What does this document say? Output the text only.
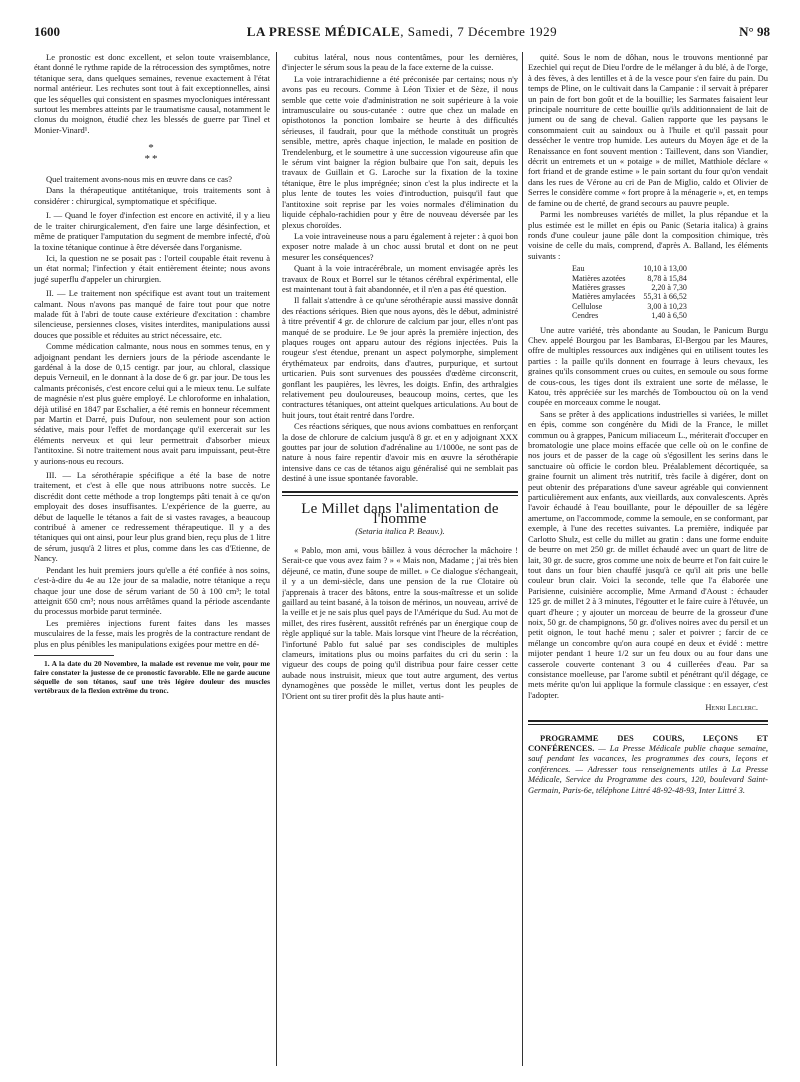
1600	LA PRESSE MÉDICALE, Samedi, 7 Décembre 1929	N° 98

Le pronostic est donc excellent, et selon toute vraisemblance, étant donné le rythme rapide de la rétrocession des symptômes, notre tétanique sera, dans quelques semaines, revenue exactement à l'état normal antérieur. Les rechutes sont tout à fait exceptionnelles, ainsi que les séquelles qui consistent en spasmes myocloniques intéressant surtout les membres atteints par le traumatisme causal, notamment le clonus du moignon, étudié chez les blessés de guerre par Tinel et Monier-Vinard¹.

*
**

Quel traitement avons-nous mis en œuvre dans ce cas?

Dans la thérapeutique antitétanique, trois traitements sont à considérer : chirurgical, symptomatique et spécifique.

I. — Quand le foyer d'infection est encore en activité, il y a lieu de le traiter chirurgicalement, d'en faire une large désinfection, et même de pratiquer l'amputation du segment de membre infecté, d'où la toxine tétanique continue à être déversée dans l'organisme.

Ici, la question ne se posait pas : l'orteil coupable était revenu à un état normal; l'infection y était entièrement éteinte; nous avons jugé superflu d'appeler un chirurgien.

II. — Le traitement non spécifique est avant tout un traitement calmant. Nous n'avons pas manqué de faire tout pour que notre malade fût à l'abri de toute cause extérieure d'excitation : chambre silencieuse, persiennes closes, visites interdites, manipulations aussi douces que possible et réduites au strict nécessaire, etc.

Comme médication calmante, nous nous en sommes tenus, en y adjoignant pendant les derniers jours de la période ascendante le gardénal à la dose de 0,15 centigr. par jour, au chloral, classique depuis Verneuil, en le donnant à la dose de 6 gr. par jour. De tous les calmants préconisés, c'est encore celui qui a le mieux tenu. Le sulfate de magnésie n'est plus guère employé. Le chloroforme en inhalation, déjà utilisé en 1847 par Eschalier, a été remis en honneur récemment par Martin et Darré, puis Dufour, non seulement pour son action sédative, mais pour l'effet de mordançage qu'il exercerait sur les éléments nerveux et qui leur permettrait d'absorber mieux l'antitoxine. Si notre traitement nous avait paru impuissant, peut-être y aurions-nous eu recours.

III. — La sérothérapie spécifique a été la base de notre traitement, et c'est à elle que nous attribuons notre succès. Le discrédit dont cette méthode a trop longtemps pâti tenait à ce qu'on employait des doses insuffisantes. L'expérience de la guerre, au début de laquelle le tétanos a fait de si vastes ravages, a beaucoup contribué à amener ce redressement thérapeutique. Il y a des tétaniques qui ont ainsi, pour leur plus grand bien, reçu plus de 1 litre de sérum, jusqu'à 2 litres et plus, comme dans les cas d'Etienne, de Nancy.

Pendant les huit premiers jours qu'elle a été confiée à nos soins, c'est-à-dire du 4e au 12e jour de sa maladie, notre tétanique a reçu chaque jour une dose de sérum variant de 50 à 100 cm³; le total atteignit 650 cm³; nous nous arrêtâmes quand la période ascendante du processus morbide parut terminée.

Les premières injections furent faites dans les masses musculaires de la fesse, mais les progrès de la contracture rendant de plus en plus pénibles les manipulations exigées pour mettre en dé-

1. A la date du 20 Novembre, la malade est revenue me voir, pour me faire constater la justesse de ce pronostic favorable. Elle ne garde aucune séquelle de son tétanos, sauf une très légère douleur des muscles vertébraux de la flexion extrême du tronc.

cubitus latéral, nous nous contentâmes, pour les dernières, d'injecter le sérum sous la peau de la face externe de la cuisse.

La voie intrarachidienne a été préconisée par certains; nous n'y avons pas eu recours. Comme à Léon Tixier et de Sèze, il nous semble que cette voie d'administration ne soit supérieure à la voie intramusculaire ou sous-cutanée : outre que chez un malade en opisthotonos la ponction lombaire se heurte à des difficultés sérieuses, il faudrait, pour que la méthode constituât un progrès sensible, mettre, après chaque injection, le malade en position de Trendelenburg, et le soumettre à une succession vigoureuse afin que le sérum vint baigner la région bulbaire que l'on sait, depuis les travaux de Guillain et G. Laroche sur la fixation de la toxine tétanique, être le plus imprégnée; sinon c'est la plus indirecte et la plus lente de toutes les voies d'introduction, puisqu'il faut que l'antitoxine soit reprise par les voies normales d'élimination du liquide céphalo-rachidien pour y être de nouveau déversée par les plexus choroïdes.

La voie intraveineuse nous a paru également à rejeter : à quoi bon exposer notre malade à un choc aussi brutal et dont on ne peut mesurer les conséquences?

Quant à la voie intracérébrale, un moment envisagée après les travaux de Roux et Borrel sur le tétanos cérébral expérimental, elle est maintenant tout à fait abandonnée, et il n'en a pas été question.

Il fallait s'attendre à ce qu'une sérothérapie aussi massive donnât des réactions sériques. Bien que nous ayons, dès le début, administré à titre préventif 4 gr. de chlorure de calcium par jour, elles n'ont pas manqué de se produire. Le 9e jour après la première injection, des plaques rouges ont apparu autour des régions injectées. Puis la rougeur s'est étendue, prenant un aspect polymorphe, simplement érythémateux par endroits, dans d'autres, purpurique, et surtout urticarien. Puis sont survenues des poussées d'œdème circonscrit, gonflant les paupières, les lèvres, les doigts. Enfin, des arthralgies relativement peu douloureuses, beaucoup moins, certes, que les contractures tétaniques, ont atteint quelques articulations. Au bout de huit jours, tout était rentré dans l'ordre.

Ces réactions sériques, que nous avions combattues en renforçant la dose de chlorure de calcium jusqu'à 8 gr. et en y adjoignant XXX gouttes par jour de solution d'adrénaline au 1/1000e, ne sont pas de nature à nous faire repentir d'avoir mis en œuvre la sérothérapie intensive dans ce cas de tétanos aigu généralisé qui ne semblait pas destiné à une issue spontanée favorable.

Le Millet dans l'alimentation de l'homme
(Setaria italica P. Beauv.).

« Pablo, mon ami, vous bâillez à vous décrocher la mâchoire ! Serait-ce que vous avez faim ? » « Mais non, Madame ; j'ai très bien déjeuné, ce matin, d'une soupe de millet. » Ce dialogue s'échangeait, il y a un demi-siècle, dans une pension de la rue Clotaire où j'apprenais à tracer des bâtons, entre la sous-maîtresse et un solide gaillard au teint basané, à la toison de mérinos, un nouveau, arrivé de la veille et je ne sais plus quel pays de l'Amérique du Sud. Au mot de millet, des rires fusèrent, aussitôt refrénés par un énergique coup de règle appliqué sur la table. Mais lorsque vint l'heure de la récréation, l'infortuné Pablo fut salué par ses condisciples de multiples clameurs, imitations plus ou moins parfaites du cri du serin : la vigueur des coups de poing qu'il distribua pour faire cesser cette aubade nous instruisit, mieux que tout autre argument, des vertus dynamogènes que possède le millet, vertus dont les peuples de l'Orient ont su tirer profit dès la plus haute anti-

quité. Sous le nom de dôhan, nous le trouvons mentionné par Ezechiel qui reçut de Dieu l'ordre de le mélanger à du blé, à de l'orge, à des fèves, à des lentilles et à de la vesce pour s'en faire du pain. Du temps de Pline, on le cultivait dans la Campanie : il servait à préparer un pain de fort bon goût et de la bouillie; les Sarmates faisaient leur principale nourriture de cette bouillie qu'ils additionnaient de lait de jument ou de sang de cheval. Galien rapporte que les paysans le consommaient cuit au saindoux ou à l'huile et qu'il passait pour dessécher le ventre trop humide. Les auteurs du Moyen âge et de la Renaissance en font souvent mention : Taillevent, dans son Viandier, décrit un entremets et un « potaige » de millet, Matthiole déclare « fort friand et de grande estime » le pain sortant du four qu'on vendait dans les rues de Vérone au cri de Pan de Miglio, caldo et Olivier de Serres le considère comme « fort propre à la ménagerie », et, en temps de famine ou de cherté, de grand secours au pauvre peuple.

Parmi les nombreuses variétés de millet, la plus répandue et la plus estimée est le millet en épis ou Panic (Setaria italica) à grains ronds d'une couleur jaune pâle dont la composition chimique, très voisine de celle du maïs, comprend, d'après A. Balland, les éléments suivants :

Eau	10,10 à 13,00
Matières azotées	8,78 à 15,84
Matières grasses	2,20 à 7,30
Matières amylacées	55,31 à 66,52
Cellulose	3,00 à 10,23
Cendres	1,40 à 6,50

Une autre variété, très abondante au Soudan, le Panicum Burgu Chev. appelé Bourgou par les Bambaras, El-Bergou par les Maures, offre de multiples ressources aux indigènes qui en utilisent toutes les parties : la paille qu'ils donnent en fourrage à leurs chevaux, les graines qu'ils consomment crues ou cuites, en semoule ou sous forme de cous-cous, les tiges dont ils extraient une sorte de mélasse, le Katou, très appréciée sur les marchés de Tombouctou où on la vend coupée en morceaux comme le nougat.

Sans se prêter à des applications industrielles si variées, le millet en épis, comme son congénère du Midi de la France, le millet commun ou à grappes, Panicum miliaceum L., mériterait d'occuper en bromatologie une place moins effacée que celle où on le confine de nos jours et de passer de la cage où s'égosillent les serins dans le sanctuaire où officie le cordon bleu. Préalablement décortiquée, sa graine fournit un aliment très nutritif, très facile à digérer, dont on peut obtenir des préparations d'une saveur agréable qui conviennent particulièrement aux enfants, aux vieillards, aux convalescents. Après l'avoir échaudé à l'eau bouillante, pour le dépouiller de sa légère amertume, on l'accommode, comme la semoule, en se conformant, par exemple, à l'une des recettes suivantes. La première, indiquée par Carlotto Shulz, est celle du millet au gratin : dans une forme enduite de beurre on met 250 gr. de millet échaudé avec un quart de litre de lait, 30 gr. de sucre, gros comme une noix de beurre et l'on fait cuire le tout dans un four bien chauffé jusqu'à ce qu'il ait pris une belle couleur brun clair. Voici la seconde, telle que l'a élaborée une Parisienne, cuisinière accomplie, Mme Armand d'Aoust : échauder 125 gr. de millet 2 à 3 minutes, l'égoutter et le faire cuire à l'étuvée, un quart d'heure ; y ajouter un morceau de beurre de la grosseur d'une noix, 50 gr. de champignons, 50 gr. d'olives noires avec du persil et un petit oignon, le tout haché menu ; saler et poivrer ; farcir de ce mélange un concombre qu'on aura coupé en deux et évidé : mettre mijoter pendant 1 heure 1/2 sur un feu doux ou au four dans une casserole couverte contenant 3 ou 4 cuillerées d'eau. Par sa consistance moelleuse, par l'arome subtil et pénétrant qu'il dégage, ce mets mérite qu'on lui applique la formule classique : en essayer, c'est l'adopter.

Henri Leclerc.

PROGRAMME DES COURS, LEÇONS ET CONFÉRENCES. — La Presse Médicale publie chaque semaine, sauf pendant les vacances, les programmes des cours, leçons et conférences. — Adresser tous renseignements utiles à La Presse Médicale, Service du Programme des cours, 120, boulevard Saint-Germain, Paris-6e, téléphone Littré 48-92-48-93, Inter Littré 3.
